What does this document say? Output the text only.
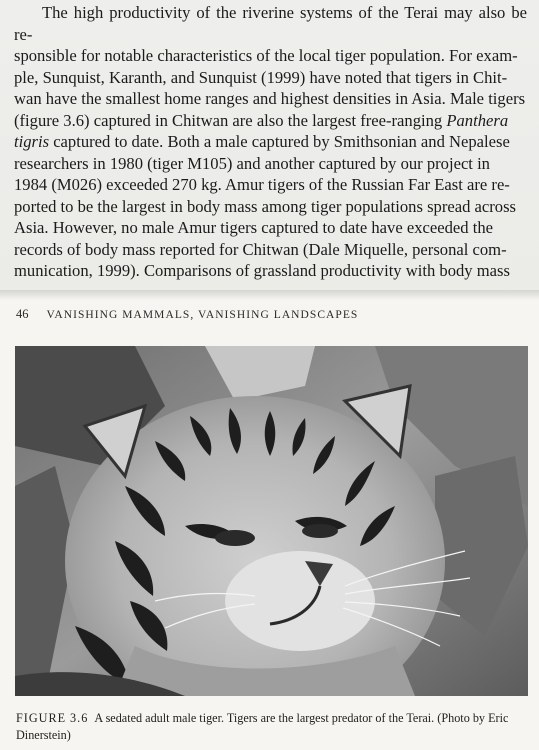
The high productivity of the riverine systems of the Terai may also be re-
sponsible for notable characteristics of the local tiger population. For exam-
ple, Sunquist, Karanth, and Sunquist (1999) have noted that tigers in Chit-
wan have the smallest home ranges and highest densities in Asia. Male tigers
(figure 3.6) captured in Chitwan are also the largest free-ranging Panthera
tigris captured to date. Both a male captured by Smithsonian and Nepalese
researchers in 1980 (tiger M105) and another captured by our project in
1984 (M026) exceeded 270 kg. Amur tigers of the Russian Far East are re-
ported to be the largest in body mass among tiger populations spread across
Asia. However, no male Amur tigers captured to date have exceeded the
records of body mass reported for Chitwan (Dale Miquelle, personal com-
munication, 1999). Comparisons of grassland productivity with body mass
46 VANISHING MAMMALS, VANISHING LANDSCAPES
FIGURE 3.6 A sedated adult male tiger. Tigers are the largest predator of the Terai. (Photo by Eric Dinerstein)
